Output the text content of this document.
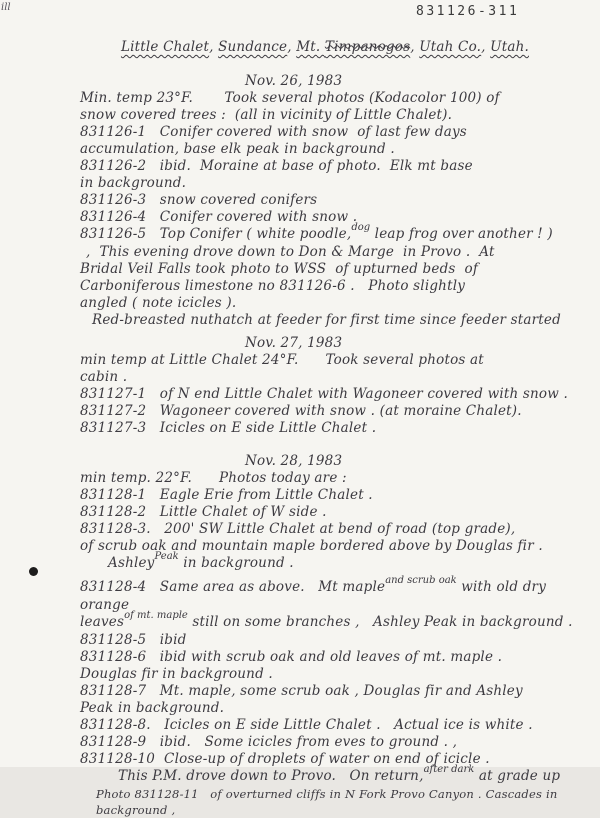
ill	831126-311

Little Chalet, Sundance, Mt. Timpanogos, Utah Co., Utah.

Nov. 26, 1983
Min. temp 23°F.       Took several photos (Kodacolor 100) of
snow covered trees :  (all in vicinity of Little Chalet).
831126-1   Conifer covered with snow  of last few days
accumulation, base elk peak in background .
831126-2   ibid.  Moraine at base of photo.  Elk mt base
in background.
831126-3   snow covered conifers
831126-4   Conifer covered with snow .
831126-5   Top Conifer ( white poodle,$^{dog}$ leap frog over another ! )
,  This evening drove down to Don & Marge  in Provo .  At
Bridal Veil Falls took photo to WSS  of upturned beds  of
Carboniferous limestone no 831126-6 .   Photo slightly
angled ( note icicles ).
Red-breasted nuthatch at feeder for first time since feeder started
Nov. 27, 1983
min temp at Little Chalet 24°F.      Took several photos at
cabin .
831127-1   of N end Little Chalet with Wagoneer covered with snow .
831127-2   Wagoneer covered with snow . (at moraine Chalet).
831127-3   Icicles on E side Little Chalet .
Nov. 28, 1983
min temp. 22°F.      Photos today are :
831128-1   Eagle Erie from Little Chalet .
831128-2   Little Chalet of W side .
831128-3.   200' SW Little Chalet at bend of road (top grade),
of scrub oak and mountain maple bordered above by Douglas fir .
Ashley$^{Peak}$ in background .
831128-4   Same area as above.   Mt maple$^{and scrub oak}$ with old dry orange
leaves$^{of mt. maple}$ still on some branches ,   Ashley Peak in background .
831128-5   ibid
831128-6   ibid with scrub oak and old leaves of mt. maple .
Douglas fir in background .
831128-7   Mt. maple, some scrub oak , Douglas fir and Ashley
Peak in background.
831128-8.   Icicles on E side Little Chalet .   Actual ice is white .
831128-9   ibid.   Some icicles from eves to ground . ,
831128-10  Close-up of droplets of water on end of icicle .
This P.M. drove down to Provo.   On return,$^{after dark}$ at grade up
Photo 831128-11   of overturned cliffs in N Fork Provo Canyon . Cascades in background ,
